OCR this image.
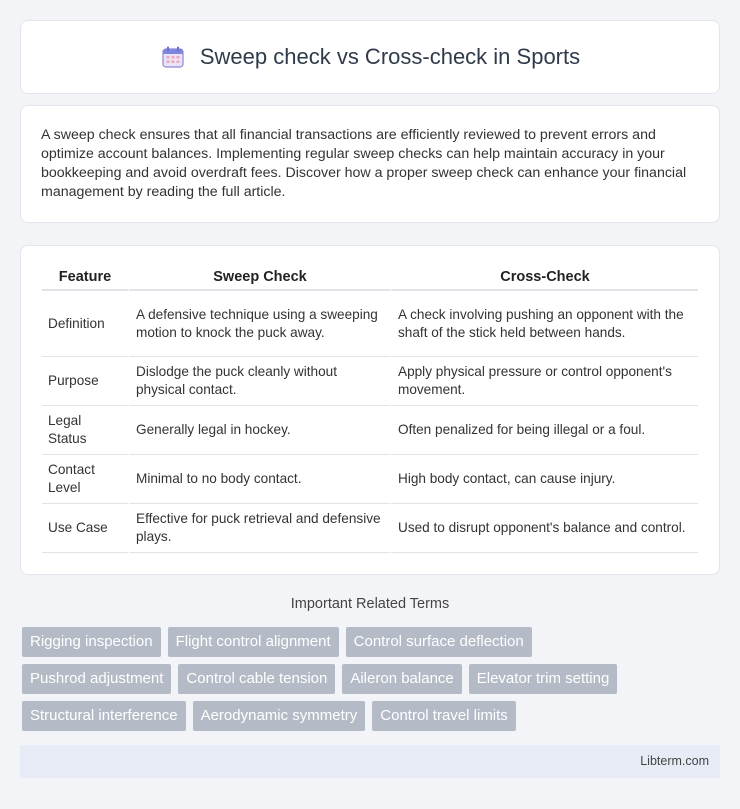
Sweep check vs Cross-check in Sports

A sweep check ensures that all financial transactions are efficiently reviewed to prevent errors and optimize account balances. Implementing regular sweep checks can help maintain accuracy in your bookkeeping and avoid overdraft fees. Discover how a proper sweep check can enhance your financial management by reading the full article.

Feature	Sweep Check	Cross-Check
Definition	A defensive technique using a sweeping motion to knock the puck away.	A check involving pushing an opponent with the shaft of the stick held between hands.
Purpose	Dislodge the puck cleanly without physical contact.	Apply physical pressure or control opponent's movement.
Legal Status	Generally legal in hockey.	Often penalized for being illegal or a foul.
Contact Level	Minimal to no body contact.	High body contact, can cause injury.
Use Case	Effective for puck retrieval and defensive plays.	Used to disrupt opponent's balance and control.
Important Related Terms
Rigging inspection	Flight control alignment	Control surface deflection
Pushrod adjustment	Control cable tension	Aileron balance	Elevator trim setting
Structural interference	Aerodynamic symmetry	Control travel limits
Libterm.com
